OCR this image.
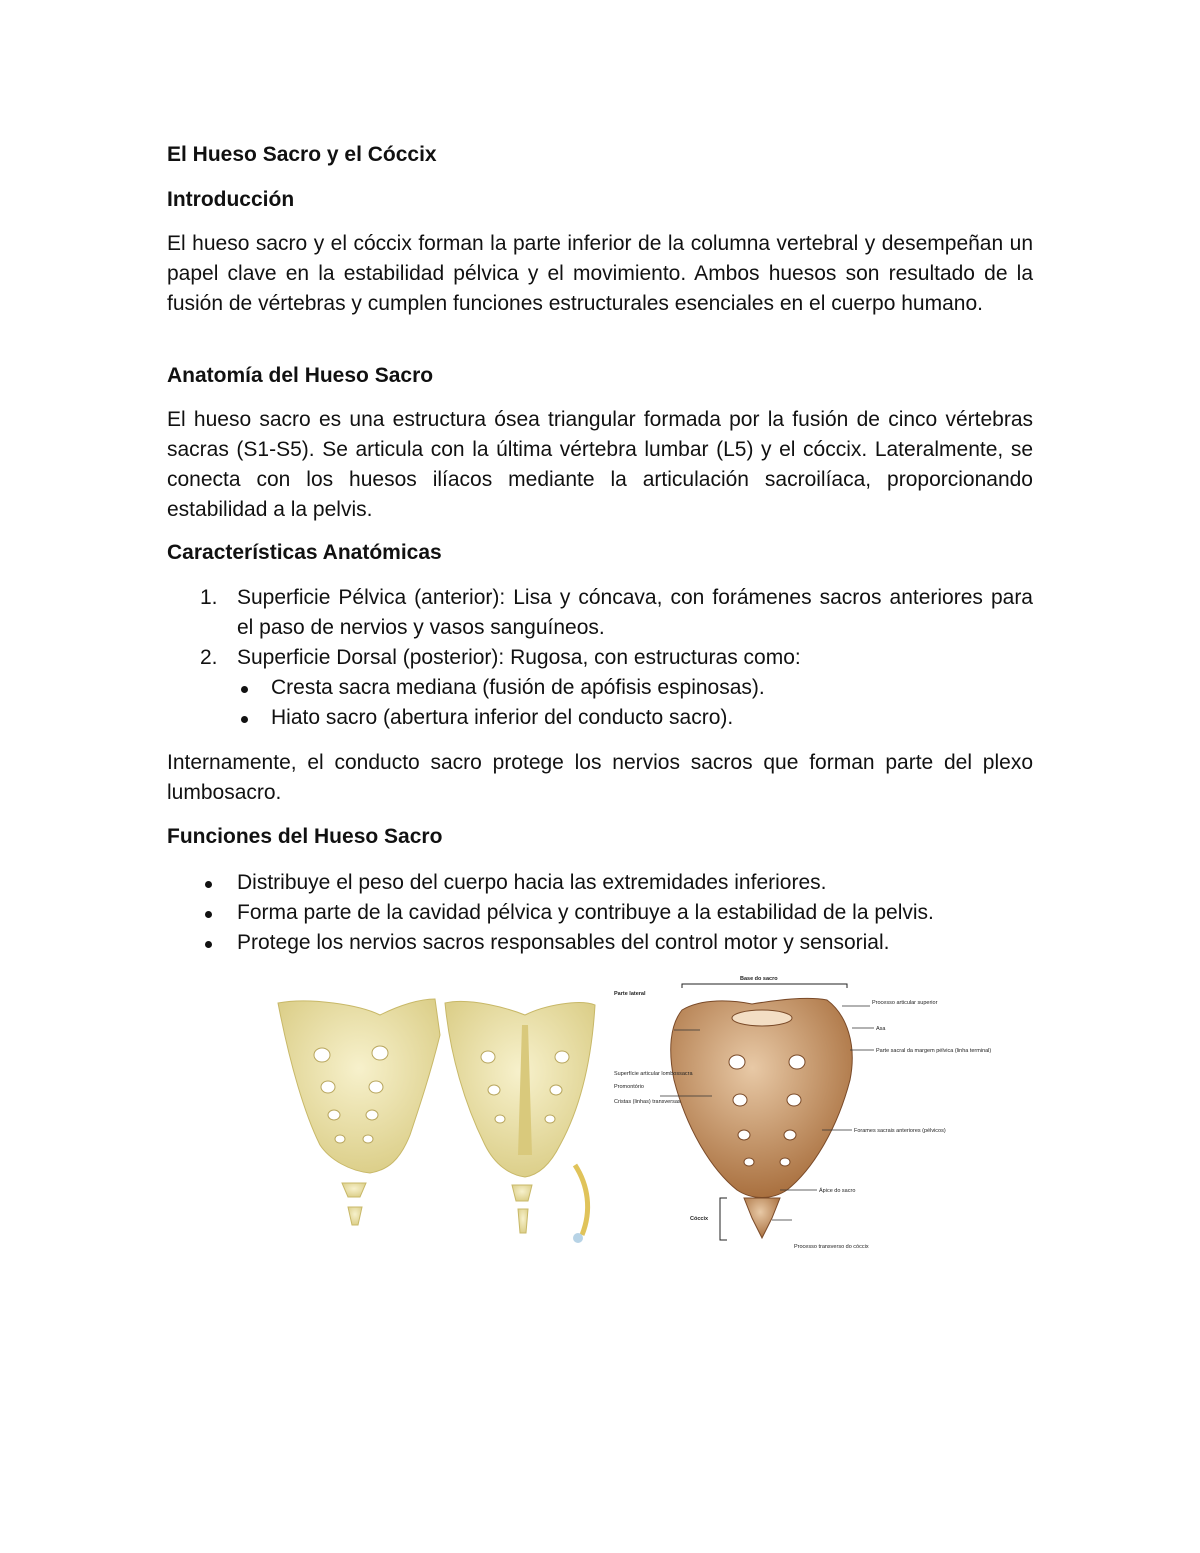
El Hueso Sacro y el Cóccix

Introducción

El hueso sacro y el cóccix forman la parte inferior de la columna vertebral y desempeñan un papel clave en la estabilidad pélvica y el movimiento. Ambos huesos son resultado de la fusión de vértebras y cumplen funciones estructurales esenciales en el cuerpo humano.

Anatomía del Hueso Sacro

El hueso sacro es una estructura ósea triangular formada por la fusión de cinco vértebras sacras (S1-S5). Se articula con la última vértebra lumbar (L5) y el cóccix. Lateralmente, se conecta con los huesos ilíacos mediante la articulación sacroilíaca, proporcionando estabilidad a la pelvis.

Características Anatómicas

1. Superficie Pélvica (anterior): Lisa y cóncava, con forámenes sacros anteriores para el paso de nervios y vasos sanguíneos.
2. Superficie Dorsal (posterior): Rugosa, con estructuras como:
Cresta sacra mediana (fusión de apófisis espinosas).
Hiato sacro (abertura inferior del conducto sacro).

Internamente, el conducto sacro protege los nervios sacros que forman parte del plexo lumbosacro.

Funciones del Hueso Sacro

Distribuye el peso del cuerpo hacia las extremidades inferiores.
Forma parte de la cavidad pélvica y contribuye a la estabilidad de la pelvis.
Protege los nervios sacros responsables del control motor y sensorial.
Base do sacro
Parte lateral
Processo articular superior
Asa
Parte sacral da margem pélvica (linha terminal)
Superfície articular lombossacra
Promontório
Cristas (linhas) transversas
Forames sacrais anteriores (pélvicos)
Ápice do sacro
Cóccix
Processo transverso do cóccix
